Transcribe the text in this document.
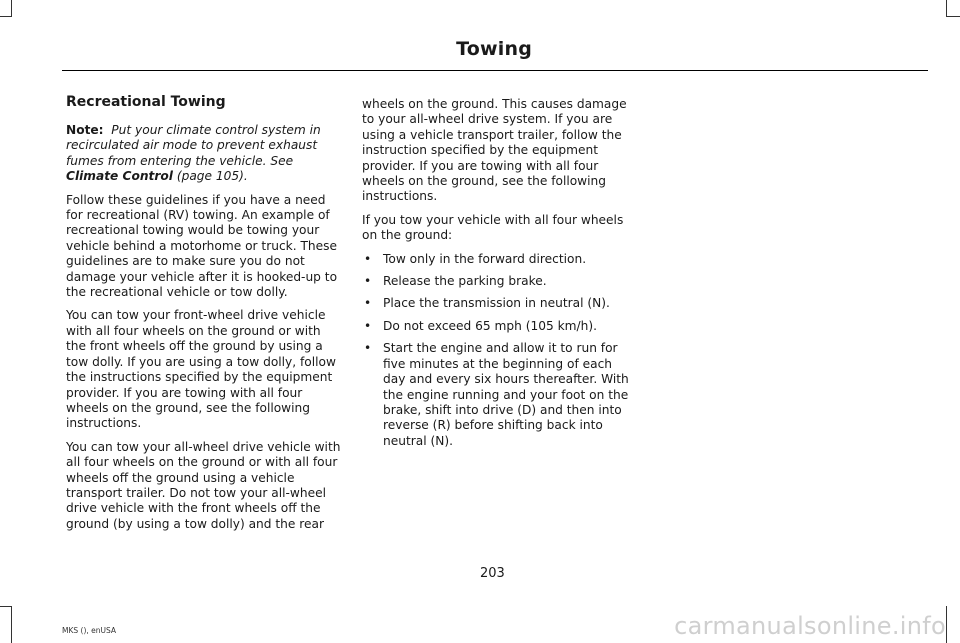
Towing
Recreational Towing

Note: Put your climate control system in recirculated air mode to prevent exhaust fumes from entering the vehicle. See Climate Control (page 105).

Follow these guidelines if you have a need for recreational (RV) towing. An example of recreational towing would be towing your vehicle behind a motorhome or truck. These guidelines are to make sure you do not damage your vehicle after it is hooked-up to the recreational vehicle or tow dolly.

You can tow your front-wheel drive vehicle with all four wheels on the ground or with the front wheels off the ground by using a tow dolly. If you are using a tow dolly, follow the instructions specified by the equipment provider. If you are towing with all four wheels on the ground, see the following instructions.

You can tow your all-wheel drive vehicle with all four wheels on the ground or with all four wheels off the ground using a vehicle transport trailer. Do not tow your all-wheel drive vehicle with the front wheels off the ground (by using a tow dolly) and the rear

wheels on the ground. This causes damage to your all-wheel drive system. If you are using a vehicle transport trailer, follow the instruction specified by the equipment provider. If you are towing with all four wheels on the ground, see the following instructions.

If you tow your vehicle with all four wheels on the ground:

• Tow only in the forward direction.
• Release the parking brake.
• Place the transmission in neutral (N).
• Do not exceed 65 mph (105 km/h).
• Start the engine and allow it to run for five minutes at the beginning of each day and every six hours thereafter. With the engine running and your foot on the brake, shift into drive (D) and then into reverse (R) before shifting back into neutral (N).
203
MKS (), enUSA	carmanualsonline.info
